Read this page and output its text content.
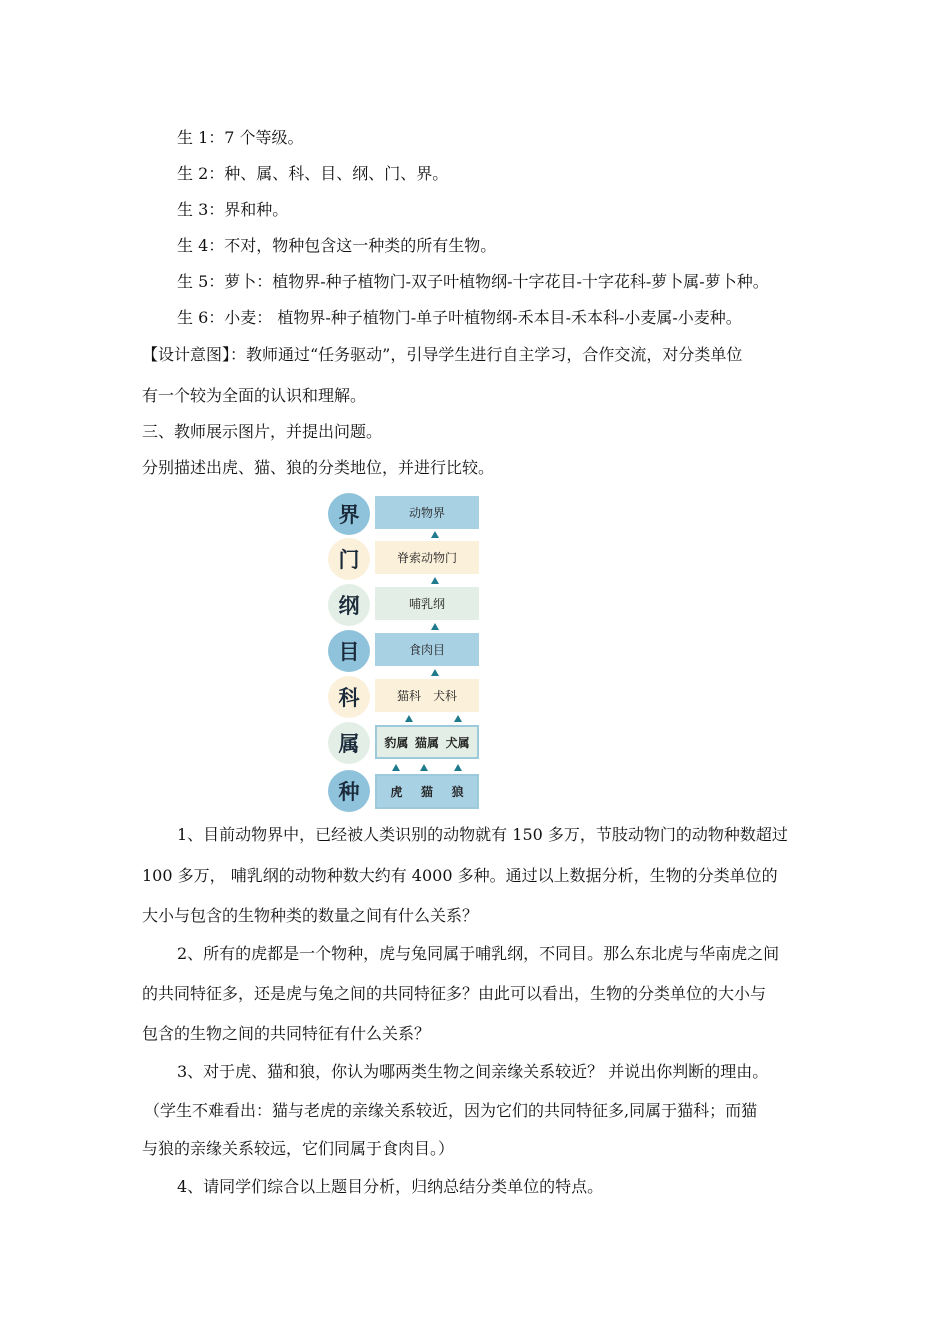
生 1：7 个等级。
生 2：种、属、科、目、纲、门、界。
生 3：界和种。
生 4：不对，物种包含这一种类的所有生物。
生 5：萝卜：植物界-种子植物门-双子叶植物纲-十字花目-十字花科-萝卜属-萝卜种。
生 6：小麦： 植物界-种子植物门-单子叶植物纲-禾本目-禾本科-小麦属-小麦种。
【设计意图】：教师通过“任务驱动”，引导学生进行自主学习，合作交流，对分类单位
有一个较为全面的认识和理解。
三、教师展示图片，并提出问题。
分别描述出虎、猫、狼的分类地位，并进行比较。
界
门
纲
目
科
属
种
动物界
脊索动物门
哺乳纲
食肉目
猫科 犬科
豹属 猫属 犬属
虎 猫 狼
1、目前动物界中，已经被人类识别的动物就有 150 多万，节肢动物门的动物种数超过
100 多万， 哺乳纲的动物种数大约有 4000 多种。通过以上数据分析，生物的分类单位的
大小与包含的生物种类的数量之间有什么关系？
2、所有的虎都是一个物种，虎与兔同属于哺乳纲，不同目。那么东北虎与华南虎之间
的共同特征多，还是虎与兔之间的共同特征多？由此可以看出，生物的分类单位的大小与
包含的生物之间的共同特征有什么关系？
3、对于虎、猫和狼，你认为哪两类生物之间亲缘关系较近？ 并说出你判断的理由。
（学生不难看出：猫与老虎的亲缘关系较近，因为它们的共同特征多,同属于猫科；而猫
与狼的亲缘关系较远，它们同属于食肉目。）
4、请同学们综合以上题目分析，归纳总结分类单位的特点。
